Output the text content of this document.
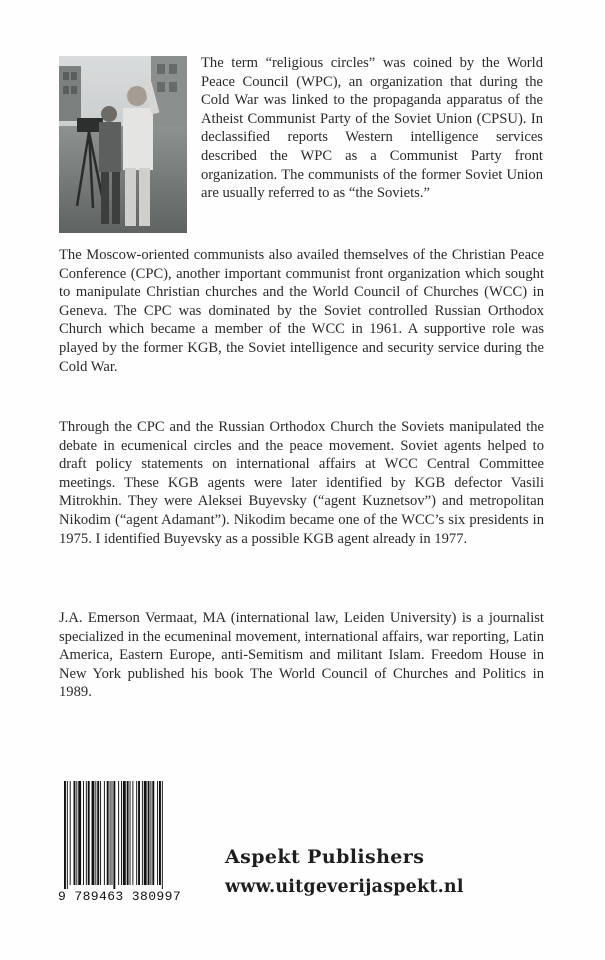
The term “religious circles” was coined by the World Peace Council (WPC), an organization that during the Cold War was linked to the propaganda apparatus of the Atheist Communist Party of the Soviet Union (CPSU). In declassified reports Western intelligence services described the WPC as a Communist Party front organization. The communists of the former Soviet Union are usually referred to as “the Soviets.”

The Moscow-oriented communists also availed themselves of the Christian Peace Conference (CPC), another important communist front organization which sought to manipulate Christian churches and the World Council of Churches (WCC) in Geneva. The CPC was dominated by the Soviet controlled Russian Orthodox Church which became a member of the WCC in 1961. A supportive role was played by the former KGB, the Soviet intelligence and security service during the Cold War.

Through the CPC and the Russian Orthodox Church the Soviets manipulated the debate in ecumenical circles and the peace movement. Soviet agents helped to draft policy statements on international affairs at WCC Central Committee meetings. These KGB agents were later identified by KGB defector Vasili Mitrokhin. They were Aleksei Buyevsky (“agent Kuznetsov”) and metropolitan Nikodim (“agent Adamant”). Nikodim became one of the WCC’s six presidents in 1975. I identified Buyevsky as a possible KGB agent already in 1977.

J.A. Emerson Vermaat, MA (international law, Leiden University) is a journalist specialized in the ecumeninal movement, international affairs, war reporting, Latin America, Eastern Europe, anti-Semitism and militant Islam. Freedom House in New York published his book The World Council of Churches and Politics in 1989.

9 789463 380997
Aspekt Publishers
www.uitgeverijaspekt.nl
